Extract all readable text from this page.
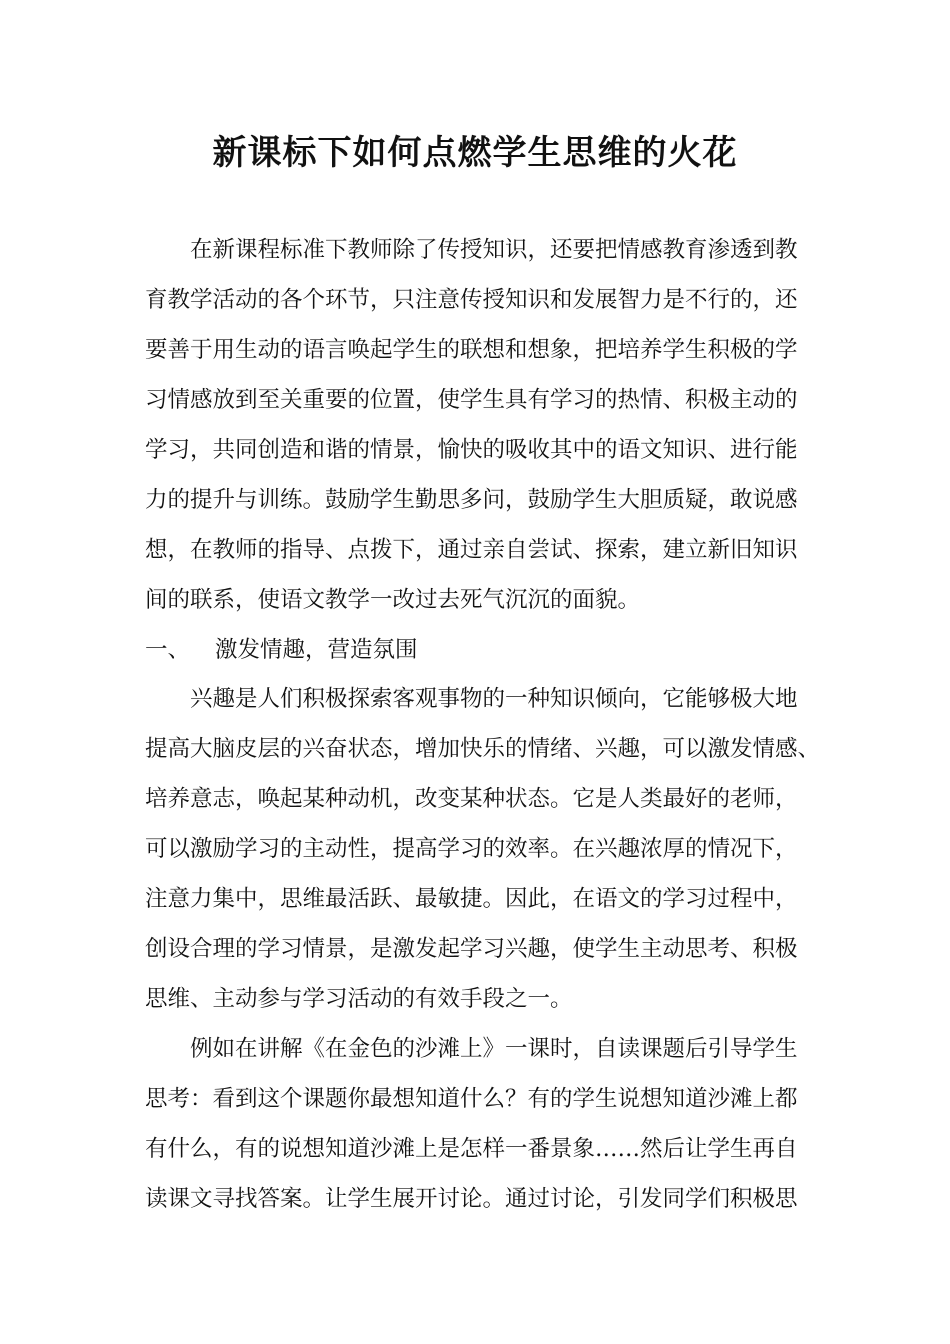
新课标下如何点燃学生思维的火花

在新课程标准下教师除了传授知识，还要把情感教育渗透到教

育教学活动的各个环节，只注意传授知识和发展智力是不行的，还

要善于用生动的语言唤起学生的联想和想象，把培养学生积极的学

习情感放到至关重要的位置，使学生具有学习的热情、积极主动的

学习，共同创造和谐的情景，愉快的吸收其中的语文知识、进行能

力的提升与训练。鼓励学生勤思多问，鼓励学生大胆质疑，敢说感

想，在教师的指导、点拨下，通过亲自尝试、探索，建立新旧知识

间的联系，使语文教学一改过去死气沉沉的面貌。

一、 激发情趣，营造氛围

兴趣是人们积极探索客观事物的一种知识倾向，它能够极大地

提高大脑皮层的兴奋状态，增加快乐的情绪、兴趣，可以激发情感、

培养意志，唤起某种动机，改变某种状态。它是人类最好的老师，

可以激励学习的主动性，提高学习的效率。在兴趣浓厚的情况下，

注意力集中，思维最活跃、最敏捷。因此，在语文的学习过程中，

创设合理的学习情景，是激发起学习兴趣，使学生主动思考、积极

思维、主动参与学习活动的有效手段之一。

例如在讲解《在金色的沙滩上》一课时，自读课题后引导学生

思考：看到这个课题你最想知道什么？有的学生说想知道沙滩上都

有什么，有的说想知道沙滩上是怎样一番景象……然后让学生再自

读课文寻找答案。让学生展开讨论。通过讨论，引发同学们积极思
